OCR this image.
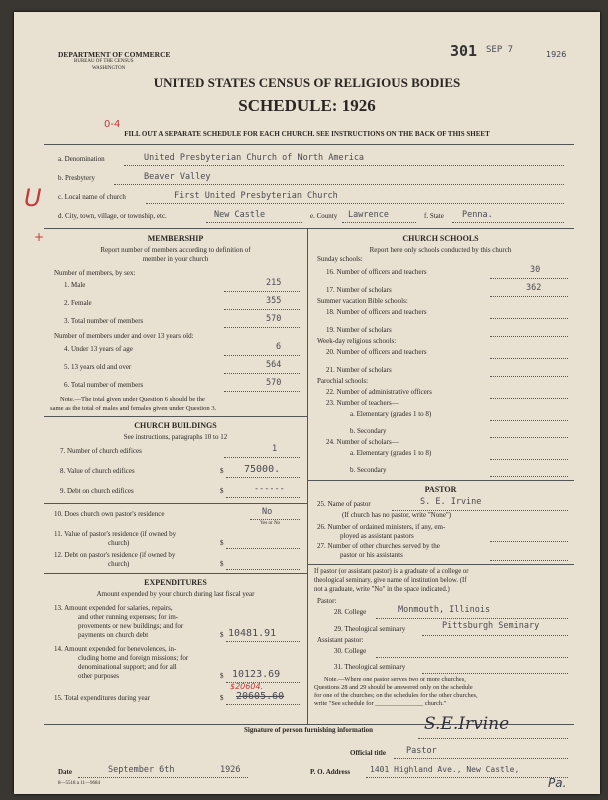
DEPARTMENT OF COMMERCE
BUREAU OF THE CENSUS
WASHINGTON
301 SEP 7	1926
UNITED STATES CENSUS OF RELIGIOUS BODIES
SCHEDULE: 1926
0-4
FILL OUT A SEPARATE SCHEDULE FOR EACH CHURCH. SEE INSTRUCTIONS ON THE BACK OF THIS SHEET
U
+
a. Denomination	United Presbyterian Church of North America
b. Presbytery	Beaver Valley
c. Local name of church	First United Presbyterian Church
d. City, town, village, or township, etc.	New Castle	e. County Lawrence	f. State Penna.
MEMBERSHIP
Report number of members according to definition of
member in your church
Number of members, by sex:
1. Male	215
2. Female	355
3. Total number of members	570
Number of members under and over 13 years old:
4. Under 13 years of age	6
5. 13 years old and over	564
6. Total number of members	570
Note.—The total given under Question 6 should be the
same as the total of males and females given under Question 3.
CHURCH BUILDINGS
See instructions, paragraphs 10 to 12
7. Number of church edifices	1
8. Value of church edifices	$ 75000.
9. Debt on church edifices	$	------
10. Does church own pastor's residence	No
Yes or No
11. Value of pastor's residence (if owned by
church)	$
12. Debt on pastor's residence (if owned by
church)	$
EXPENDITURES
Amount expended by your church during last fiscal year
13. Amount expended for salaries, repairs,
and other running expenses; for im-
provements or new buildings; and for
payments on church debt	$ 10481.91
14. Amount expended for benevolences, in-
cluding home and foreign missions; for
denominational support; and for all
other purposes	$ 10123.69
$20604.
15. Total expenditures during year	$ 20605.60
CHURCH SCHOOLS
Report here only schools conducted by this church
Sunday schools:
16. Number of officers and teachers	30
17. Number of scholars	362
Summer vacation Bible schools:
18. Number of officers and teachers
19. Number of scholars
Week-day religious schools:
20. Number of officers and teachers
21. Number of scholars
Parochial schools:
22. Number of administrative officers
23. Number of teachers—
a. Elementary (grades 1 to 8)
b. Secondary
24. Number of scholars—
a. Elementary (grades 1 to 8)
b. Secondary
PASTOR
25. Name of pastor	S. E. Irvine
(If church has no pastor, write "None")
26. Number of ordained ministers, if any, em-
ployed as assistant pastors
27. Number of other churches served by the
pastor or his assistants
If pastor (or assistant pastor) is a graduate of a college or
theological seminary, give name of institution below. (If
not a graduate, write "No" in the space indicated.)
Pastor:
28. College	Monmouth, Illinois
29. Theological seminary	Pittsburgh Seminary
Assistant pastor:
30. College
31. Theological seminary
Note.—Where one pastor serves two or more churches,
Questions 28 and 29 should be answered only on the schedule
for one of the churches; on the schedules for the other churches,
write "See schedule for _______________ church."
Signature of person furnishing information	S.E.Irvine
Official title Pastor
Date	September 6th	1926	P. O. Address 1401 Highland Ave., New Castle,
Pa.
8—5518 a 11—9684
